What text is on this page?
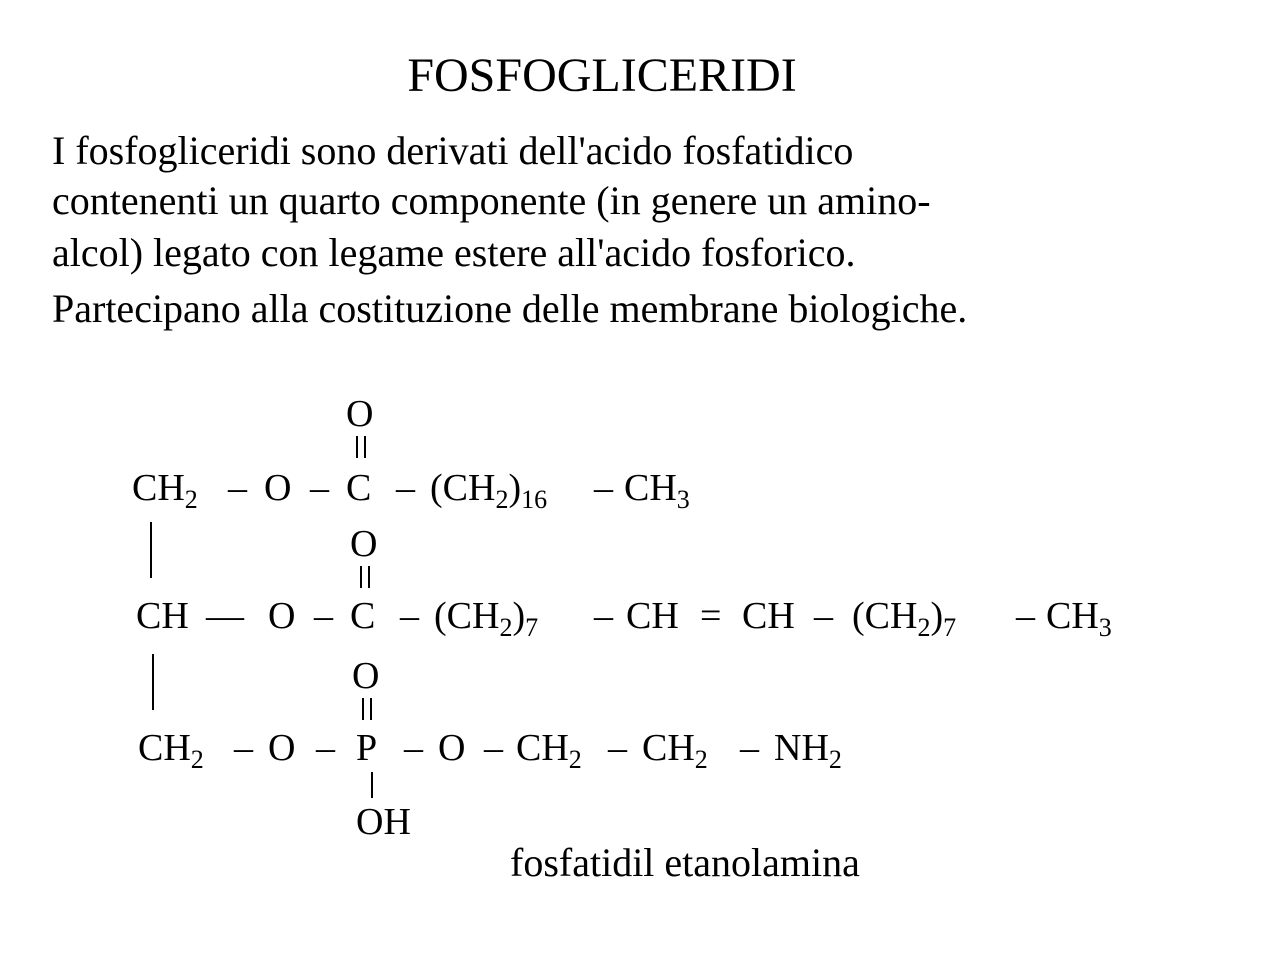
FOSFOGLICERIDI
I fosfogliceridi sono derivati dell'acido fosfatidico
contenenti un quarto componente (in genere un amino-
alcol) legato con legame estere all'acido fosforico.
Partecipano alla costituzione delle membrane biologiche.
O
$CH_2$ – O – C – $(CH_2)_{16} - CH_3$
O
CH — O – C – $(CH_2)_7$ – CH = CH – $(CH_2)_7 - CH_3$
O
$CH_2$ – O – P – O – $CH_2 - CH_2 - NH_2$
OH
fosfatidil etanolamina
